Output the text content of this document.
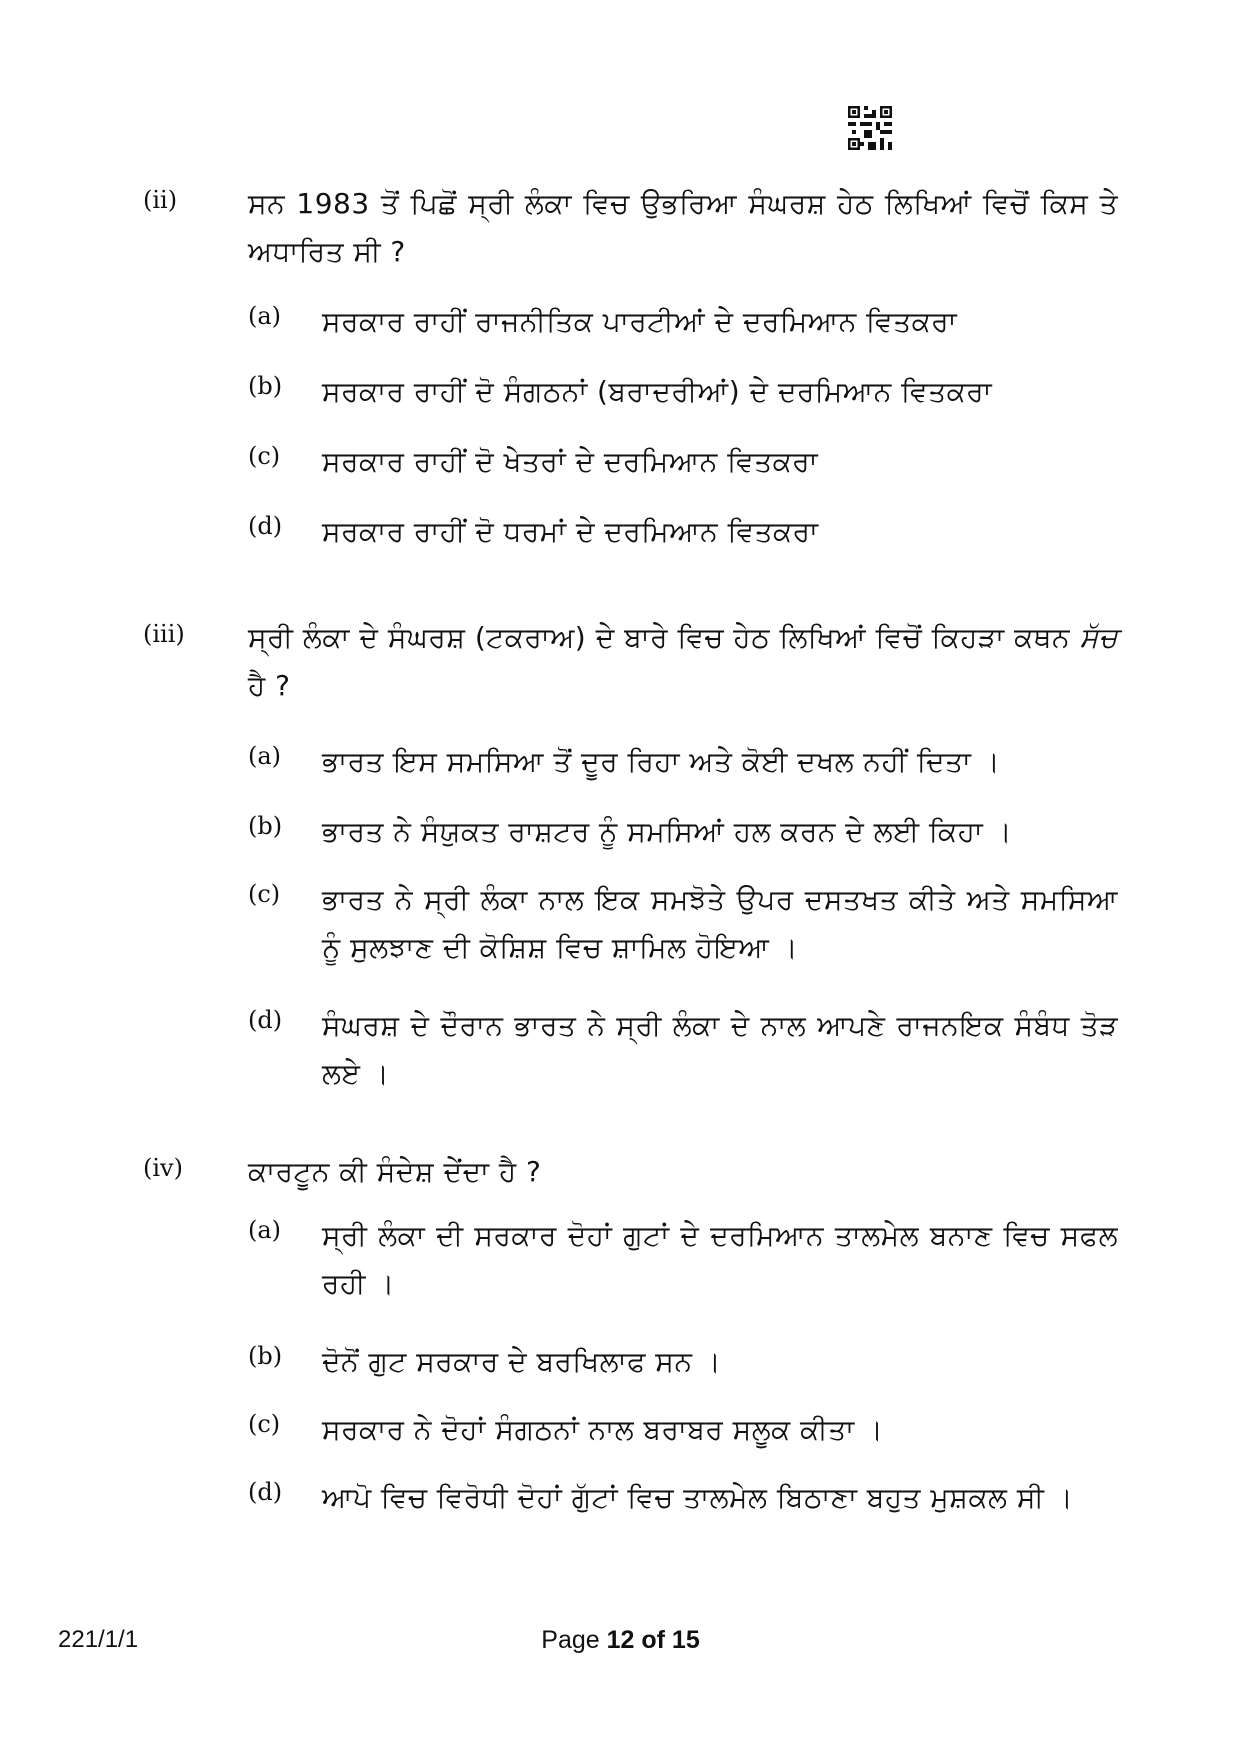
(ii)	ਸਨ 1983 ਤੋਂ ਪਿਛੋਂ ਸ੍ਰੀ ਲੰਕਾ ਵਿਚ ਉਭਰਿਆ ਸੰਘਰਸ਼ ਹੇਠ ਲਿਖਿਆਂ ਵਿਚੋਂ ਕਿਸ ਤੇ ਅਧਾਰਿਤ ਸੀ ?
(a) ਸਰਕਾਰ ਰਾਹੀਂ ਰਾਜਨੀਤਿਕ ਪਾਰਟੀਆਂ ਦੇ ਦਰਮਿਆਨ ਵਿਤਕਰਾ
(b) ਸਰਕਾਰ ਰਾਹੀਂ ਦੋ ਸੰਗਠਨਾਂ (ਬਰਾਦਰੀਆਂ) ਦੇ ਦਰਮਿਆਨ ਵਿਤਕਰਾ
(c) ਸਰਕਾਰ ਰਾਹੀਂ ਦੋ ਖੇਤਰਾਂ ਦੇ ਦਰਮਿਆਨ ਵਿਤਕਰਾ
(d) ਸਰਕਾਰ ਰਾਹੀਂ ਦੋ ਧਰਮਾਂ ਦੇ ਦਰਮਿਆਨ ਵਿਤਕਰਾ
(iii) ਸ੍ਰੀ ਲੰਕਾ ਦੇ ਸੰਘਰਸ਼ (ਟਕਰਾਅ) ਦੇ ਬਾਰੇ ਵਿਚ ਹੇਠ ਲਿਖਿਆਂ ਵਿਚੋਂ ਕਿਹੜਾ ਕਥਨ ਸੱਚ ਹੈ ?
(a) ਭਾਰਤ ਇਸ ਸਮਸਿਆ ਤੋਂ ਦੂਰ ਰਿਹਾ ਅਤੇ ਕੋਈ ਦਖਲ ਨਹੀਂ ਦਿਤਾ ।
(b) ਭਾਰਤ ਨੇ ਸੰਯੁਕਤ ਰਾਸ਼ਟਰ ਨੂੰ ਸਮਸਿਆਂ ਹਲ ਕਰਨ ਦੇ ਲਈ ਕਿਹਾ ।
(c) ਭਾਰਤ ਨੇ ਸ੍ਰੀ ਲੰਕਾ ਨਾਲ ਇਕ ਸਮਝੋਤੇ ਉਪਰ ਦਸਤਖਤ ਕੀਤੇ ਅਤੇ ਸਮਸਿਆ ਨੂੰ ਸੁਲਝਾਣ ਦੀ ਕੋਸ਼ਿਸ਼ ਵਿਚ ਸ਼ਾਮਿਲ ਹੋਇਆ ।
(d) ਸੰਘਰਸ਼ ਦੇ ਦੌਰਾਨ ਭਾਰਤ ਨੇ ਸ੍ਰੀ ਲੰਕਾ ਦੇ ਨਾਲ ਆਪਣੇ ਰਾਜਨਇਕ ਸੰਬੰਧ ਤੋੜ ਲਏ ।
(iv) ਕਾਰਟੂਨ ਕੀ ਸੰਦੇਸ਼ ਦੇਂਦਾ ਹੈ ?
(a) ਸ੍ਰੀ ਲੰਕਾ ਦੀ ਸਰਕਾਰ ਦੋਹਾਂ ਗੁਟਾਂ ਦੇ ਦਰਮਿਆਨ ਤਾਲਮੇਲ ਬਨਾਣ ਵਿਚ ਸਫਲ ਰਹੀ ।
(b) ਦੋਨੋਂ ਗੁਟ ਸਰਕਾਰ ਦੇ ਬਰਖਿਲਾਫ ਸਨ ।
(c) ਸਰਕਾਰ ਨੇ ਦੋਹਾਂ ਸੰਗਠਨਾਂ ਨਾਲ ਬਰਾਬਰ ਸਲੂਕ ਕੀਤਾ ।
(d) ਆਪੋ ਵਿਚ ਵਿਰੋਧੀ ਦੋਹਾਂ ਗੁੱਟਾਂ ਵਿਚ ਤਾਲਮੇਲ ਬਿਠਾਣਾ ਬਹੁਤ ਮੁਸ਼ਕਲ ਸੀ ।
221/1/1	Page 12 of 15
